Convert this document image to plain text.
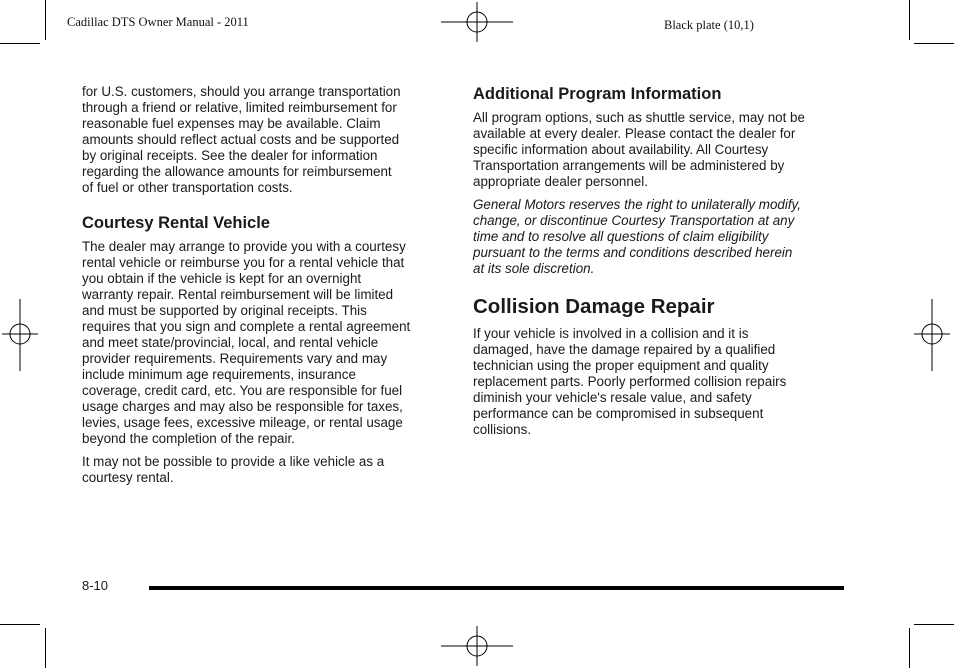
Cadillac DTS Owner Manual - 2011	Black plate (10,1)

for U.S. customers, should you arrange transportation
through a friend or relative, limited reimbursement for
reasonable fuel expenses may be available. Claim
amounts should reflect actual costs and be supported
by original receipts. See the dealer for information
regarding the allowance amounts for reimbursement
of fuel or other transportation costs.

Courtesy Rental Vehicle

The dealer may arrange to provide you with a courtesy
rental vehicle or reimburse you for a rental vehicle that
you obtain if the vehicle is kept for an overnight
warranty repair. Rental reimbursement will be limited
and must be supported by original receipts. This
requires that you sign and complete a rental agreement
and meet state/provincial, local, and rental vehicle
provider requirements. Requirements vary and may
include minimum age requirements, insurance
coverage, credit card, etc. You are responsible for fuel
usage charges and may also be responsible for taxes,
levies, usage fees, excessive mileage, or rental usage
beyond the completion of the repair.

It may not be possible to provide a like vehicle as a
courtesy rental.

Additional Program Information

All program options, such as shuttle service, may not be
available at every dealer. Please contact the dealer for
specific information about availability. All Courtesy
Transportation arrangements will be administered by
appropriate dealer personnel.

General Motors reserves the right to unilaterally modify,
change, or discontinue Courtesy Transportation at any
time and to resolve all questions of claim eligibility
pursuant to the terms and conditions described herein
at its sole discretion.

Collision Damage Repair

If your vehicle is involved in a collision and it is
damaged, have the damage repaired by a qualified
technician using the proper equipment and quality
replacement parts. Poorly performed collision repairs
diminish your vehicle's resale value, and safety
performance can be compromised in subsequent
collisions.

8-10
